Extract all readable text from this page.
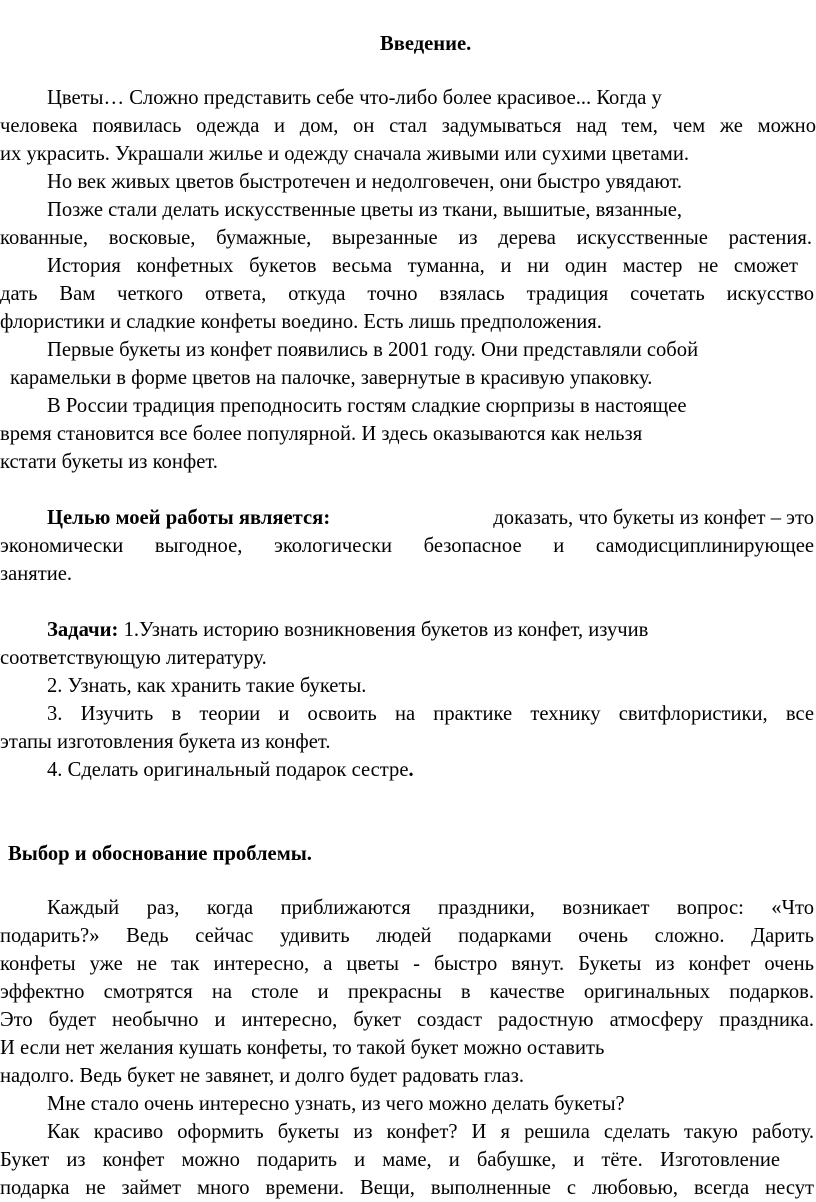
Введение.
Цветы… Сложно представить себе что-либо более красивое... Когда у
человека появилась одежда и дом, он стал задумываться над тем, чем же можно
их украсить. Украшали жилье и одежду сначала живыми или сухими цветами.
Но век живых цветов быстротечен и недолговечен, они быстро увядают.
Позже стали делать искусственные цветы из ткани, вышитые, вязанные,
кованные, восковые, бумажные, вырезанные из дерева искусственные растения.
История конфетных букетов весьма туманна, и ни один мастер не сможет
дать Вам четкого ответа, откуда точно взялась традиция сочетать искусство
флористики и сладкие конфеты воедино. Есть лишь предположения.
Первые букеты из конфет появились в 2001 году. Они представляли собой
карамельки в форме цветов на палочке, завернутые в красивую упаковку.
В России традиция преподносить гостям сладкие сюрпризы в настоящее
время становится все более популярной. И здесь оказываются как нельзя
кстати букеты из конфет.
Целью моей работы является:	доказать, что букеты из конфет – это
экономически выгодное, экологически безопасное и самодисциплинирующее
занятие.
Задачи: 1.Узнать историю возникновения букетов из конфет, изучив
соответствующую литературу.
2. Узнать, как хранить такие букеты.
3. Изучить в теории и освоить на практике технику свитфлористики, все
этапы изготовления букета из конфет.
4. Сделать оригинальный подарок сестре.
Выбор и обоснование проблемы.
Каждый раз, когда приближаются праздники, возникает вопрос: «Что
подарить?» Ведь сейчас удивить людей подарками очень сложно. Дарить
конфеты уже не так интересно, а цветы - быстро вянут. Букеты из конфет очень
эффектно смотрятся на столе и прекрасны в качестве оригинальных подарков.
Это будет необычно и интересно, букет создаст радостную атмосферу праздника.
И если нет желания кушать конфеты, то такой букет можно оставить
надолго. Ведь букет не завянет, и долго будет радовать глаз.
Мне стало очень интересно узнать, из чего можно делать букеты?
Как красиво оформить букеты из конфет? И я решила сделать такую работу.
Букет из конфет можно подарить и маме, и бабушке, и тёте. Изготовление
подарка не займет много времени. Вещи, выполненные с любовью, всегда несут
